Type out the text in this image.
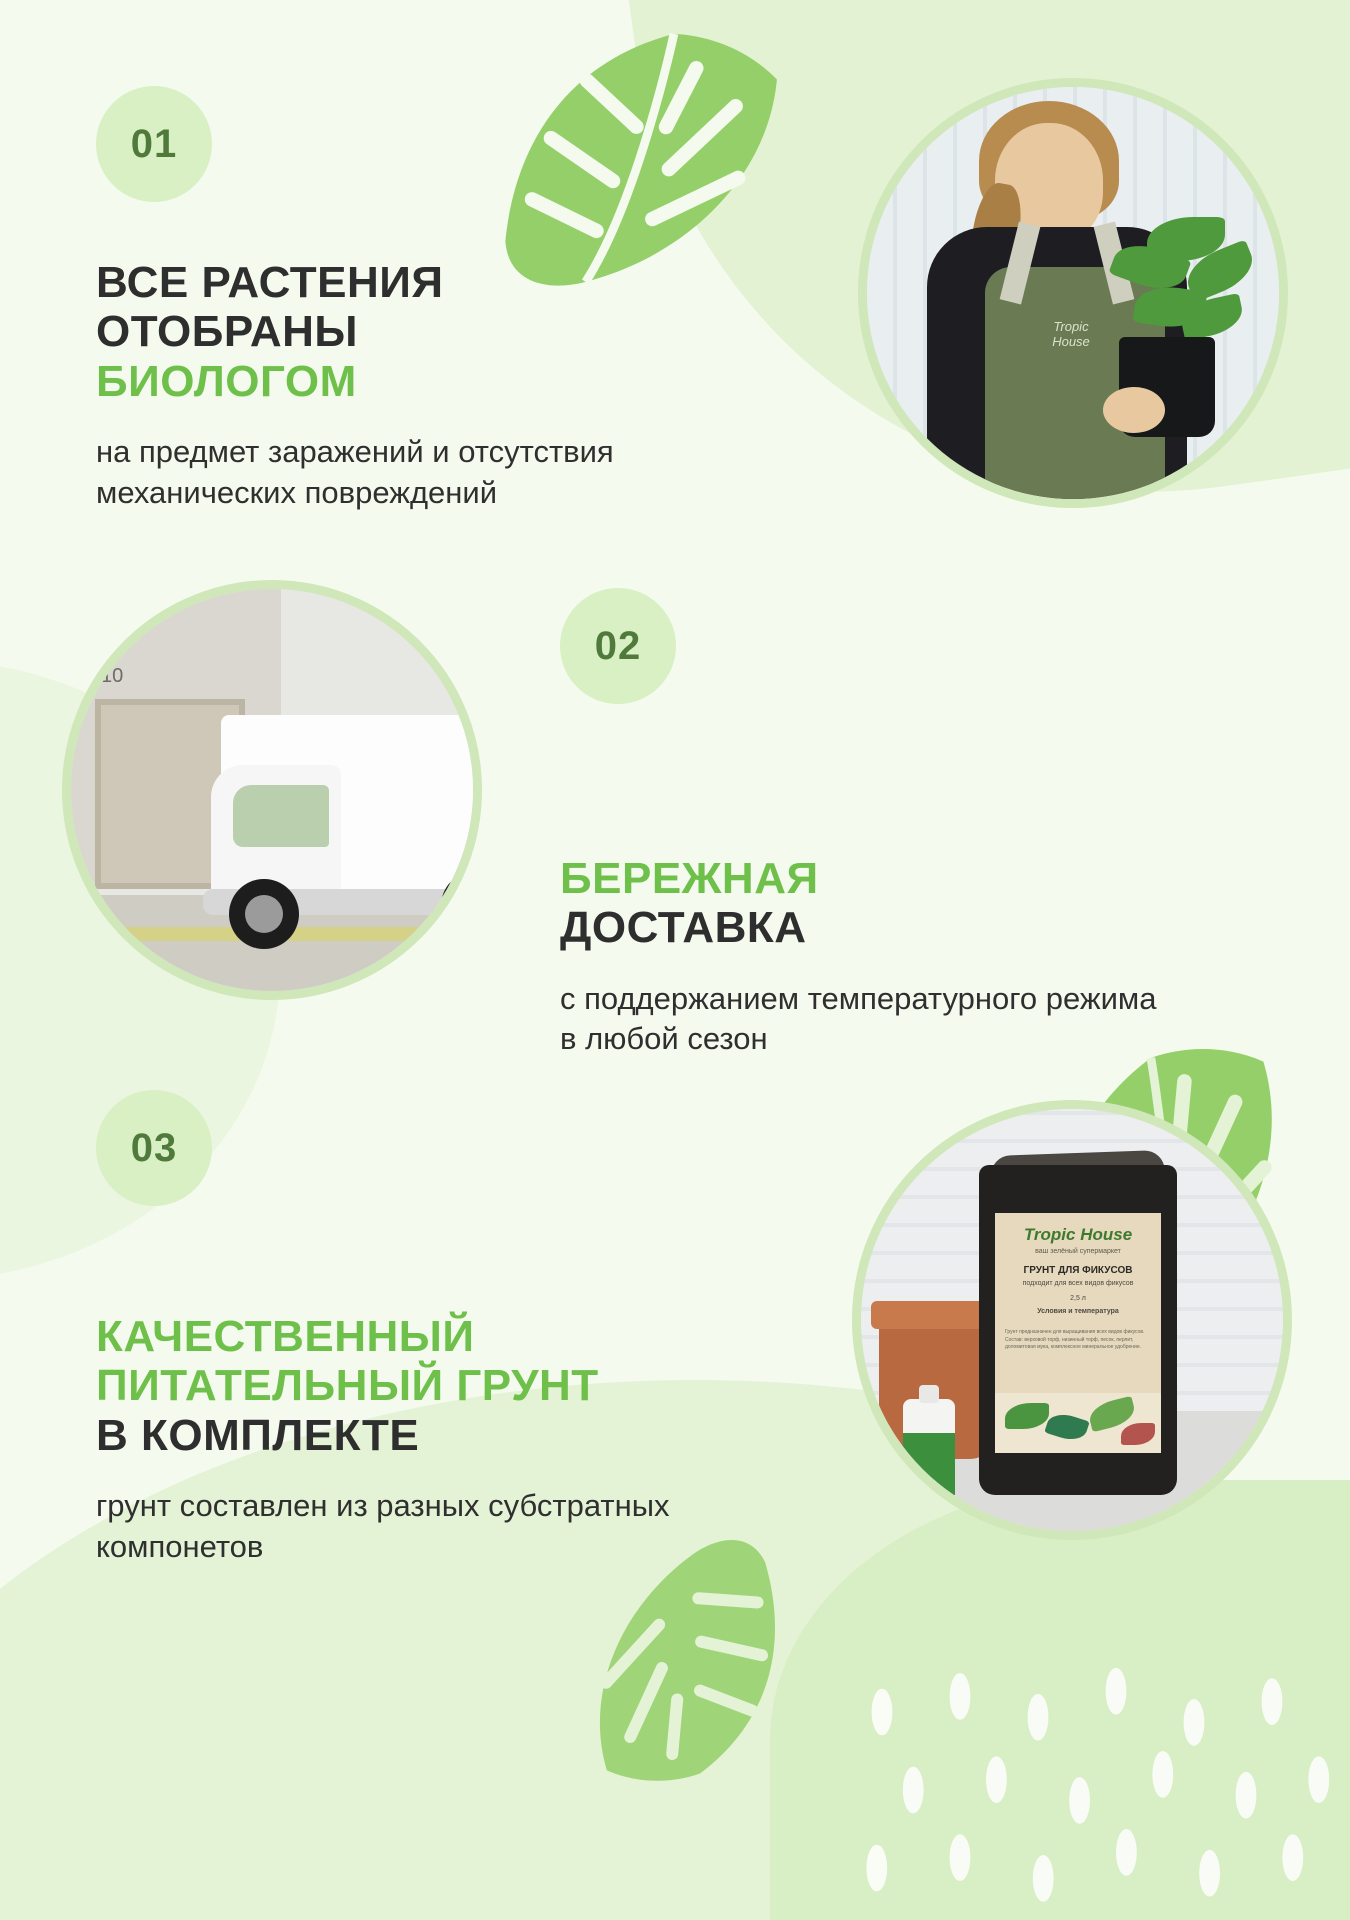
01
ВСЕ РАСТЕНИЯ
ОТОБРАНЫ
БИОЛОГОМ

на предмет заражений и отсутствия механических повреждений

Tropic House
10
02
БЕРЕЖНАЯ
ДОСТАВКА

с поддержанием температурного режима в любой сезон

03
КАЧЕСТВЕННЫЙ
ПИТАТЕЛЬНЫЙ ГРУНТ
В КОМПЛЕКТЕ

грунт составлен из разных субстратных компонетов

Tropic House
ваш зелёный супермаркет
ГРУНТ ДЛЯ ФИКУСОВ
подходит для всех видов фикусов
2,5 л
Условия и температура
Грунт предназначен для выращивания всех видов фикусов. Состав: верховой торф, низинный торф, песок, перлит, доломитовая мука, комплексное минеральное удобрение.
